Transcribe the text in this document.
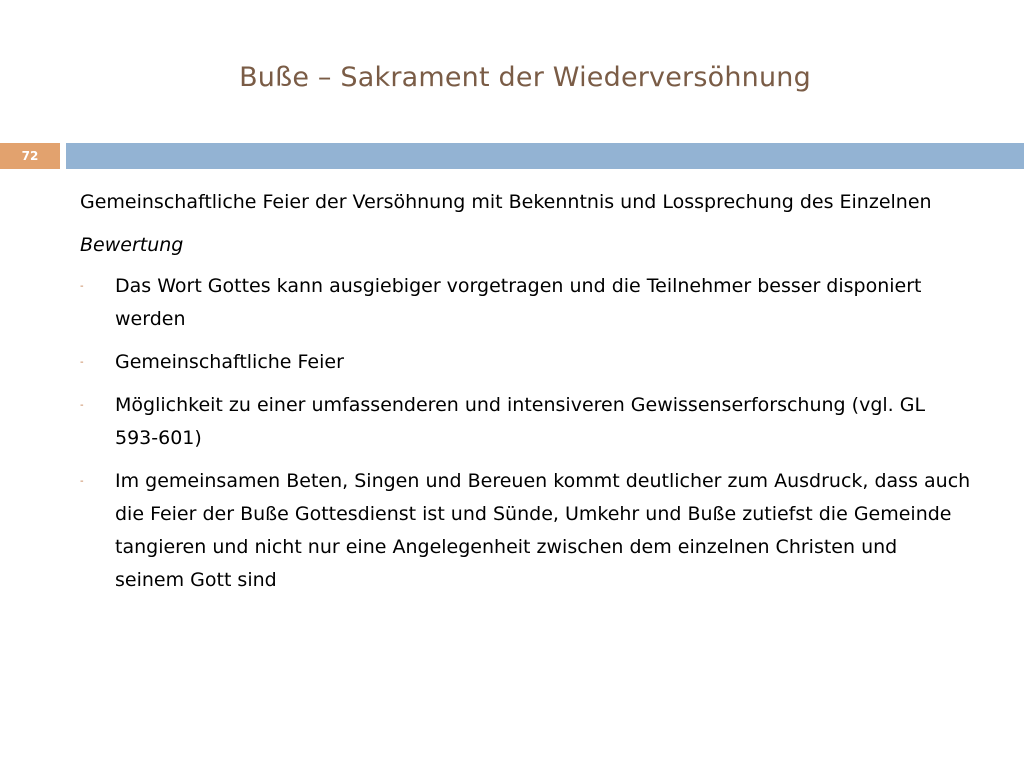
Buße – Sakrament der Wiederversöhnung
72

Gemeinschaftliche Feier der Versöhnung mit Bekenntnis und Lossprechung des Einzelnen

Bewertung

-	Das Wort Gottes kann ausgiebiger vorgetragen und die Teilnehmer besser disponiert werden
-	Gemeinschaftliche Feier
-	Möglichkeit zu einer umfassenderen und intensiveren Gewissenserforschung (vgl. GL 593-601)
-	Im gemeinsamen Beten, Singen und Bereuen kommt deutlicher zum Ausdruck, dass auch die Feier der Buße Gottesdienst ist und Sünde, Umkehr und Buße zutiefst die Gemeinde tangieren und nicht nur eine Angelegenheit zwischen dem einzelnen Christen und seinem Gott sind
